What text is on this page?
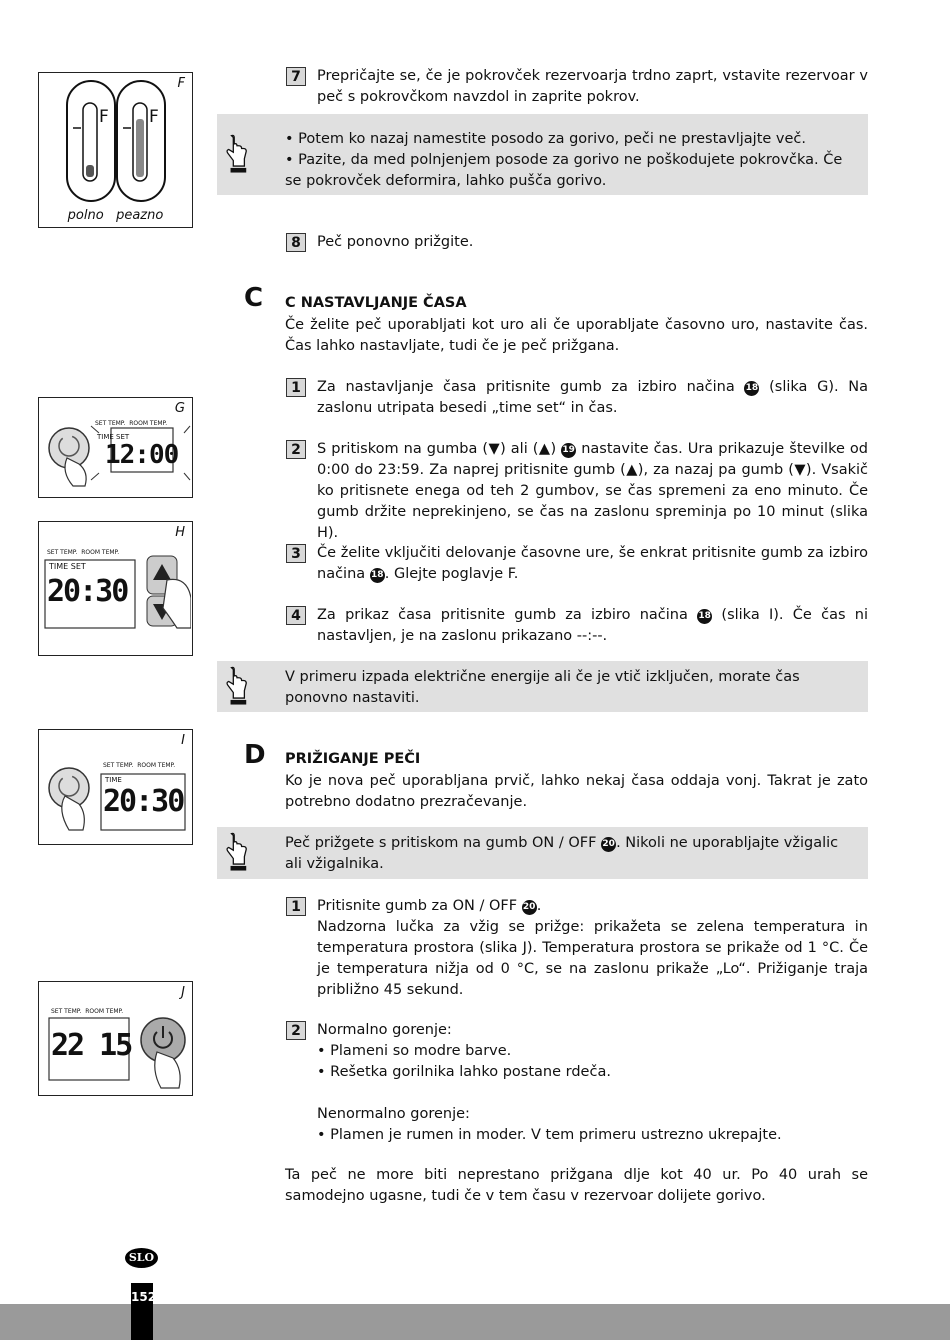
F
F F
polno   peazno
G
SET TEMP.  ROOM TEMP.
TIME SET
12:00
H
SET TEMP.  ROOM TEMP.
TIME SET
20:30
I
SET TEMP.  ROOM TEMP.
TIME
20:30
J
SET TEMP.  ROOM TEMP.
22 15
7	Prepričajte se, če je pokrovček rezervoarja trdno zaprt, vstavite rezervoar v peč s pokrovčkom navzdol in zaprite pokrov.
• Potem ko nazaj namestite posodo za gorivo, peči ne prestavljajte več.
• Pazite, da med polnjenjem posode za gorivo ne poškodujete pokrovčka. Če se pokrovček deformira, lahko pušča gorivo.
8	Peč ponovno prižgite.
C C NASTAVLJANJE ČASA
Če želite peč uporabljati kot uro ali če uporabljate časovno uro, nastavite čas. Čas lahko nastavljate, tudi če je peč prižgana.
1	Za nastavljanje časa pritisnite gumb za izbiro načina 18 (slika G). Na zaslonu utripata besedi „time set“ in čas.
2	S pritiskom na gumba (▼) ali (▲) 19 nastavite čas. Ura prikazuje številke od 0:00 do 23:59. Za naprej pritisnite gumb (▲), za nazaj pa gumb (▼). Vsakič ko pritisnete enega od teh 2 gumbov, se čas spremeni za eno minuto. Če gumb držite neprekinjeno, se čas na zaslonu spreminja po 10 minut (slika H).
3	Če želite vključiti delovanje časovne ure, še enkrat pritisnite gumb za izbiro načina 18. Glejte poglavje F.
4	Za prikaz časa pritisnite gumb za izbiro načina 18 (slika I). Če čas ni nastavljen, je na zaslonu prikazano --:--.
V primeru izpada električne energije ali če je vtič izključen, morate čas ponovno nastaviti.
D PRIŽIGANJE PEČI
Ko je nova peč uporabljana prvič, lahko nekaj časa oddaja vonj. Takrat je zato potrebno dodatno prezračevanje.
Peč prižgete s pritiskom na gumb ON / OFF 20. Nikoli ne uporabljajte vžigalic ali vžigalnika.
1	Pritisnite gumb za ON / OFF 20.
Nadzorna lučka za vžig se prižge: prikažeta se zelena temperatura in temperatura prostora (slika J). Temperatura prostora se prikaže od 1 °C. Če je temperatura nižja od 0 °C, se na zaslonu prikaže „Lo“. Prižiganje traja približno 45 sekund.
2	Normalno gorenje:
• Plameni so modre barve.
• Rešetka gorilnika lahko postane rdeča.
Nenormalno gorenje:
• Plamen je rumen in moder. V tem primeru ustrezno ukrepajte.
Ta peč ne more biti neprestano prižgana dlje kot 40 ur. Po 40 urah se samodejno ugasne, tudi če v tem času v rezervoar dolijete gorivo.
SLO
152
